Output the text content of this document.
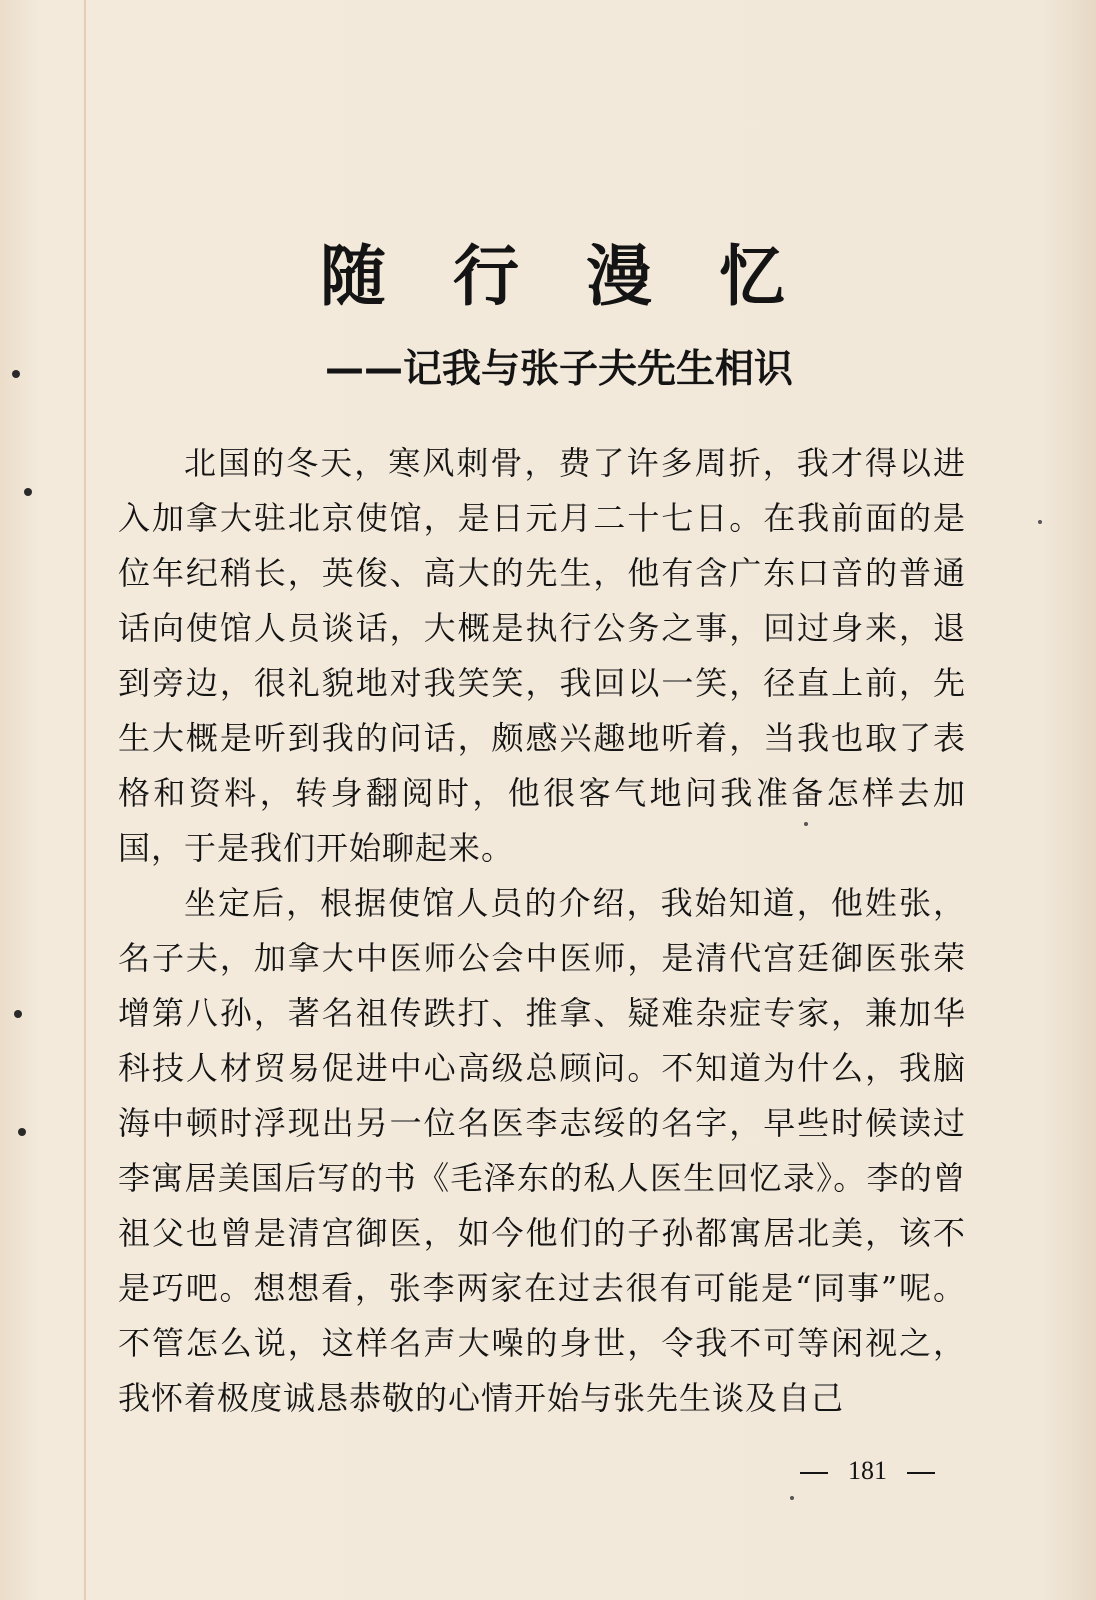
随 行 漫 忆
——记我与张子夫先生相识

北国的冬天，寒风刺骨，费了许多周折，我才得以进入加拿大驻北京使馆，是日元月二十七日。在我前面的是位年纪稍长，英俊、高大的先生，他有含广东口音的普通话向使馆人员谈话，大概是执行公务之事，回过身来，退到旁边，很礼貌地对我笑笑，我回以一笑，径直上前，先生大概是听到我的问话，颇感兴趣地听着，当我也取了表格和资料，转身翻阅时，他很客气地问我准备怎样去加国，于是我们开始聊起来。

坐定后，根据使馆人员的介绍，我始知道，他姓张，名子夫，加拿大中医师公会中医师，是清代宫廷御医张荣增第八孙，著名祖传跌打、推拿、疑难杂症专家，兼加华科技人材贸易促进中心高级总顾问。不知道为什么，我脑海中顿时浮现出另一位名医李志绥的名字，早些时候读过李寓居美国后写的书《毛泽东的私人医生回忆录》。李的曾祖父也曾是清宫御医，如今他们的子孙都寓居北美，该不是巧吧。想想看，张李两家在过去很有可能是“同事”呢。不管怎么说，这样名声大噪的身世，令我不可等闲视之，我怀着极度诚恳恭敬的心情开始与张先生谈及自己

181
